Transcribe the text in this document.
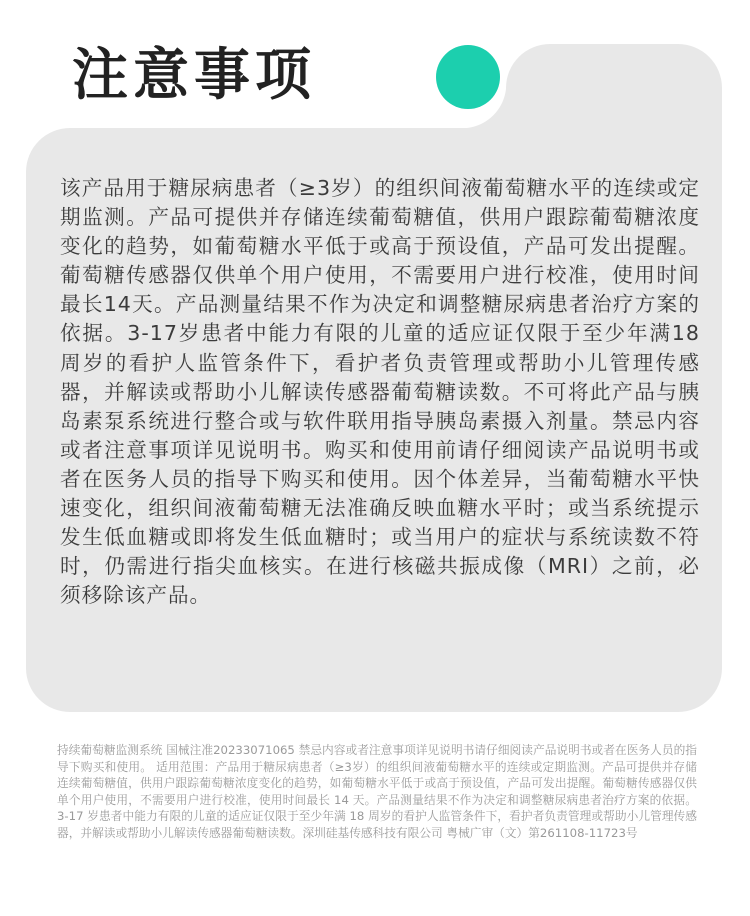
注意事项

该产品用于糖尿病患者（≥3岁）的组织间液葡萄糖水平的连续或定期监测。产品可提供并存储连续葡萄糖值，供用户跟踪葡萄糖浓度变化的趋势，如葡萄糖水平低于或高于预设值，产品可发出提醒。葡萄糖传感器仅供单个用户使用，不需要用户进行校准，使用时间最长14天。产品测量结果不作为决定和调整糖尿病患者治疗方案的依据。3-17岁患者中能力有限的儿童的适应证仅限于至少年满18周岁的看护人监管条件下，看护者负责管理或帮助小儿管理传感器，并解读或帮助小儿解读传感器葡萄糖读数。不可将此产品与胰岛素泵系统进行整合或与软件联用指导胰岛素摄入剂量。禁忌内容或者注意事项详见说明书。购买和使用前请仔细阅读产品说明书或者在医务人员的指导下购买和使用。因个体差异，当葡萄糖水平快速变化，组织间液葡萄糖无法准确反映血糖水平时；或当系统提示发生低血糖或即将发生低血糖时；或当用户的症状与系统读数不符时，仍需进行指尖血核实。在进行核磁共振成像（MRI）之前，必须移除该产品。

持续葡萄糖监测系统 国械注准20233071065 禁忌内容或者注意事项详见说明书请仔细阅读产品说明书或者在医务人员的指导下购买和使用。 适用范围：产品用于糖尿病患者（≥3岁）的组织间液葡萄糖水平的连续或定期监测。产品可提供并存储连续葡萄糖值，供用户跟踪葡萄糖浓度变化的趋势，如葡萄糖水平低于或高于预设值，产品可发出提醒。葡萄糖传感器仅供单个用户使用，不需要用户进行校准，使用时间最长 14 天。产品测量结果不作为决定和调整糖尿病患者治疗方案的依据。 3-17 岁患者中能力有限的儿童的适应证仅限于至少年满 18 周岁的看护人监管条件下，看护者负责管理或帮助小儿管理传感器，并解读或帮助小儿解读传感器葡萄糖读数。深圳硅基传感科技有限公司 粤械广审（文）第261108-11723号
